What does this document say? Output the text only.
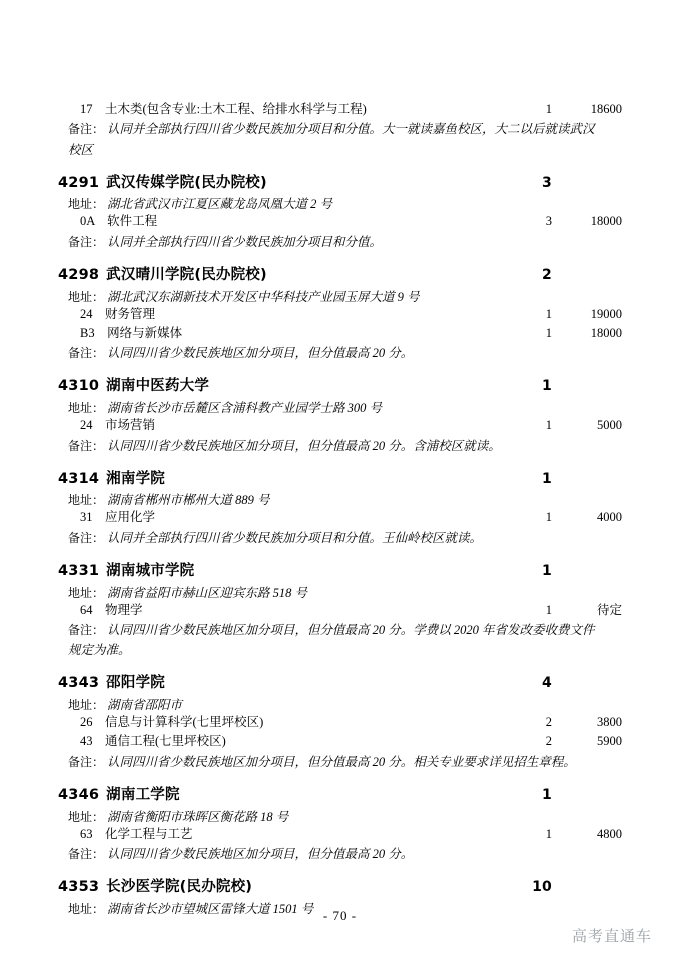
17 土木类(包含专业:土木工程、给排水科学与工程)	1	18600
备注： 认同并全部执行四川省少数民族加分项目和分值。大一就读嘉鱼校区，大二以后就读武汉
校区
4291 武汉传媒学院(民办院校)	3
地址： 湖北省武汉市江夏区藏龙岛凤凰大道 2 号
0A 软件工程	3	18000
备注： 认同并全部执行四川省少数民族加分项目和分值。
4298 武汉晴川学院(民办院校)	2
地址： 湖北武汉东湖新技术开发区中华科技产业园玉屏大道 9 号
24 财务管理	1	19000
B3 网络与新媒体	1	18000
备注： 认同四川省少数民族地区加分项目，但分值最高 20 分。
4310 湖南中医药大学	1
地址： 湖南省长沙市岳麓区含浦科教产业园学士路 300 号
24 市场营销	1	5000
备注： 认同四川省少数民族地区加分项目，但分值最高 20 分。含浦校区就读。
4314 湘南学院	1
地址： 湖南省郴州市郴州大道 889 号
31 应用化学	1	4000
备注： 认同并全部执行四川省少数民族加分项目和分值。王仙岭校区就读。
4331 湖南城市学院	1
地址： 湖南省益阳市赫山区迎宾东路 518 号
64 物理学	1	待定
备注： 认同四川省少数民族地区加分项目，但分值最高 20 分。学费以 2020 年省发改委收费文件
规定为准。
4343 邵阳学院	4
地址： 湖南省邵阳市
26 信息与计算科学(七里坪校区)	2	3800
43 通信工程(七里坪校区)	2	5900
备注： 认同四川省少数民族地区加分项目，但分值最高 20 分。相关专业要求详见招生章程。
4346 湖南工学院	1
地址： 湖南省衡阳市珠晖区衡花路 18 号
63 化学工程与工艺	1	4800
备注： 认同四川省少数民族地区加分项目，但分值最高 20 分。
4353 长沙医学院(民办院校)	10
地址： 湖南省长沙市望城区雷锋大道 1501 号 - 70 -
高考直通车
